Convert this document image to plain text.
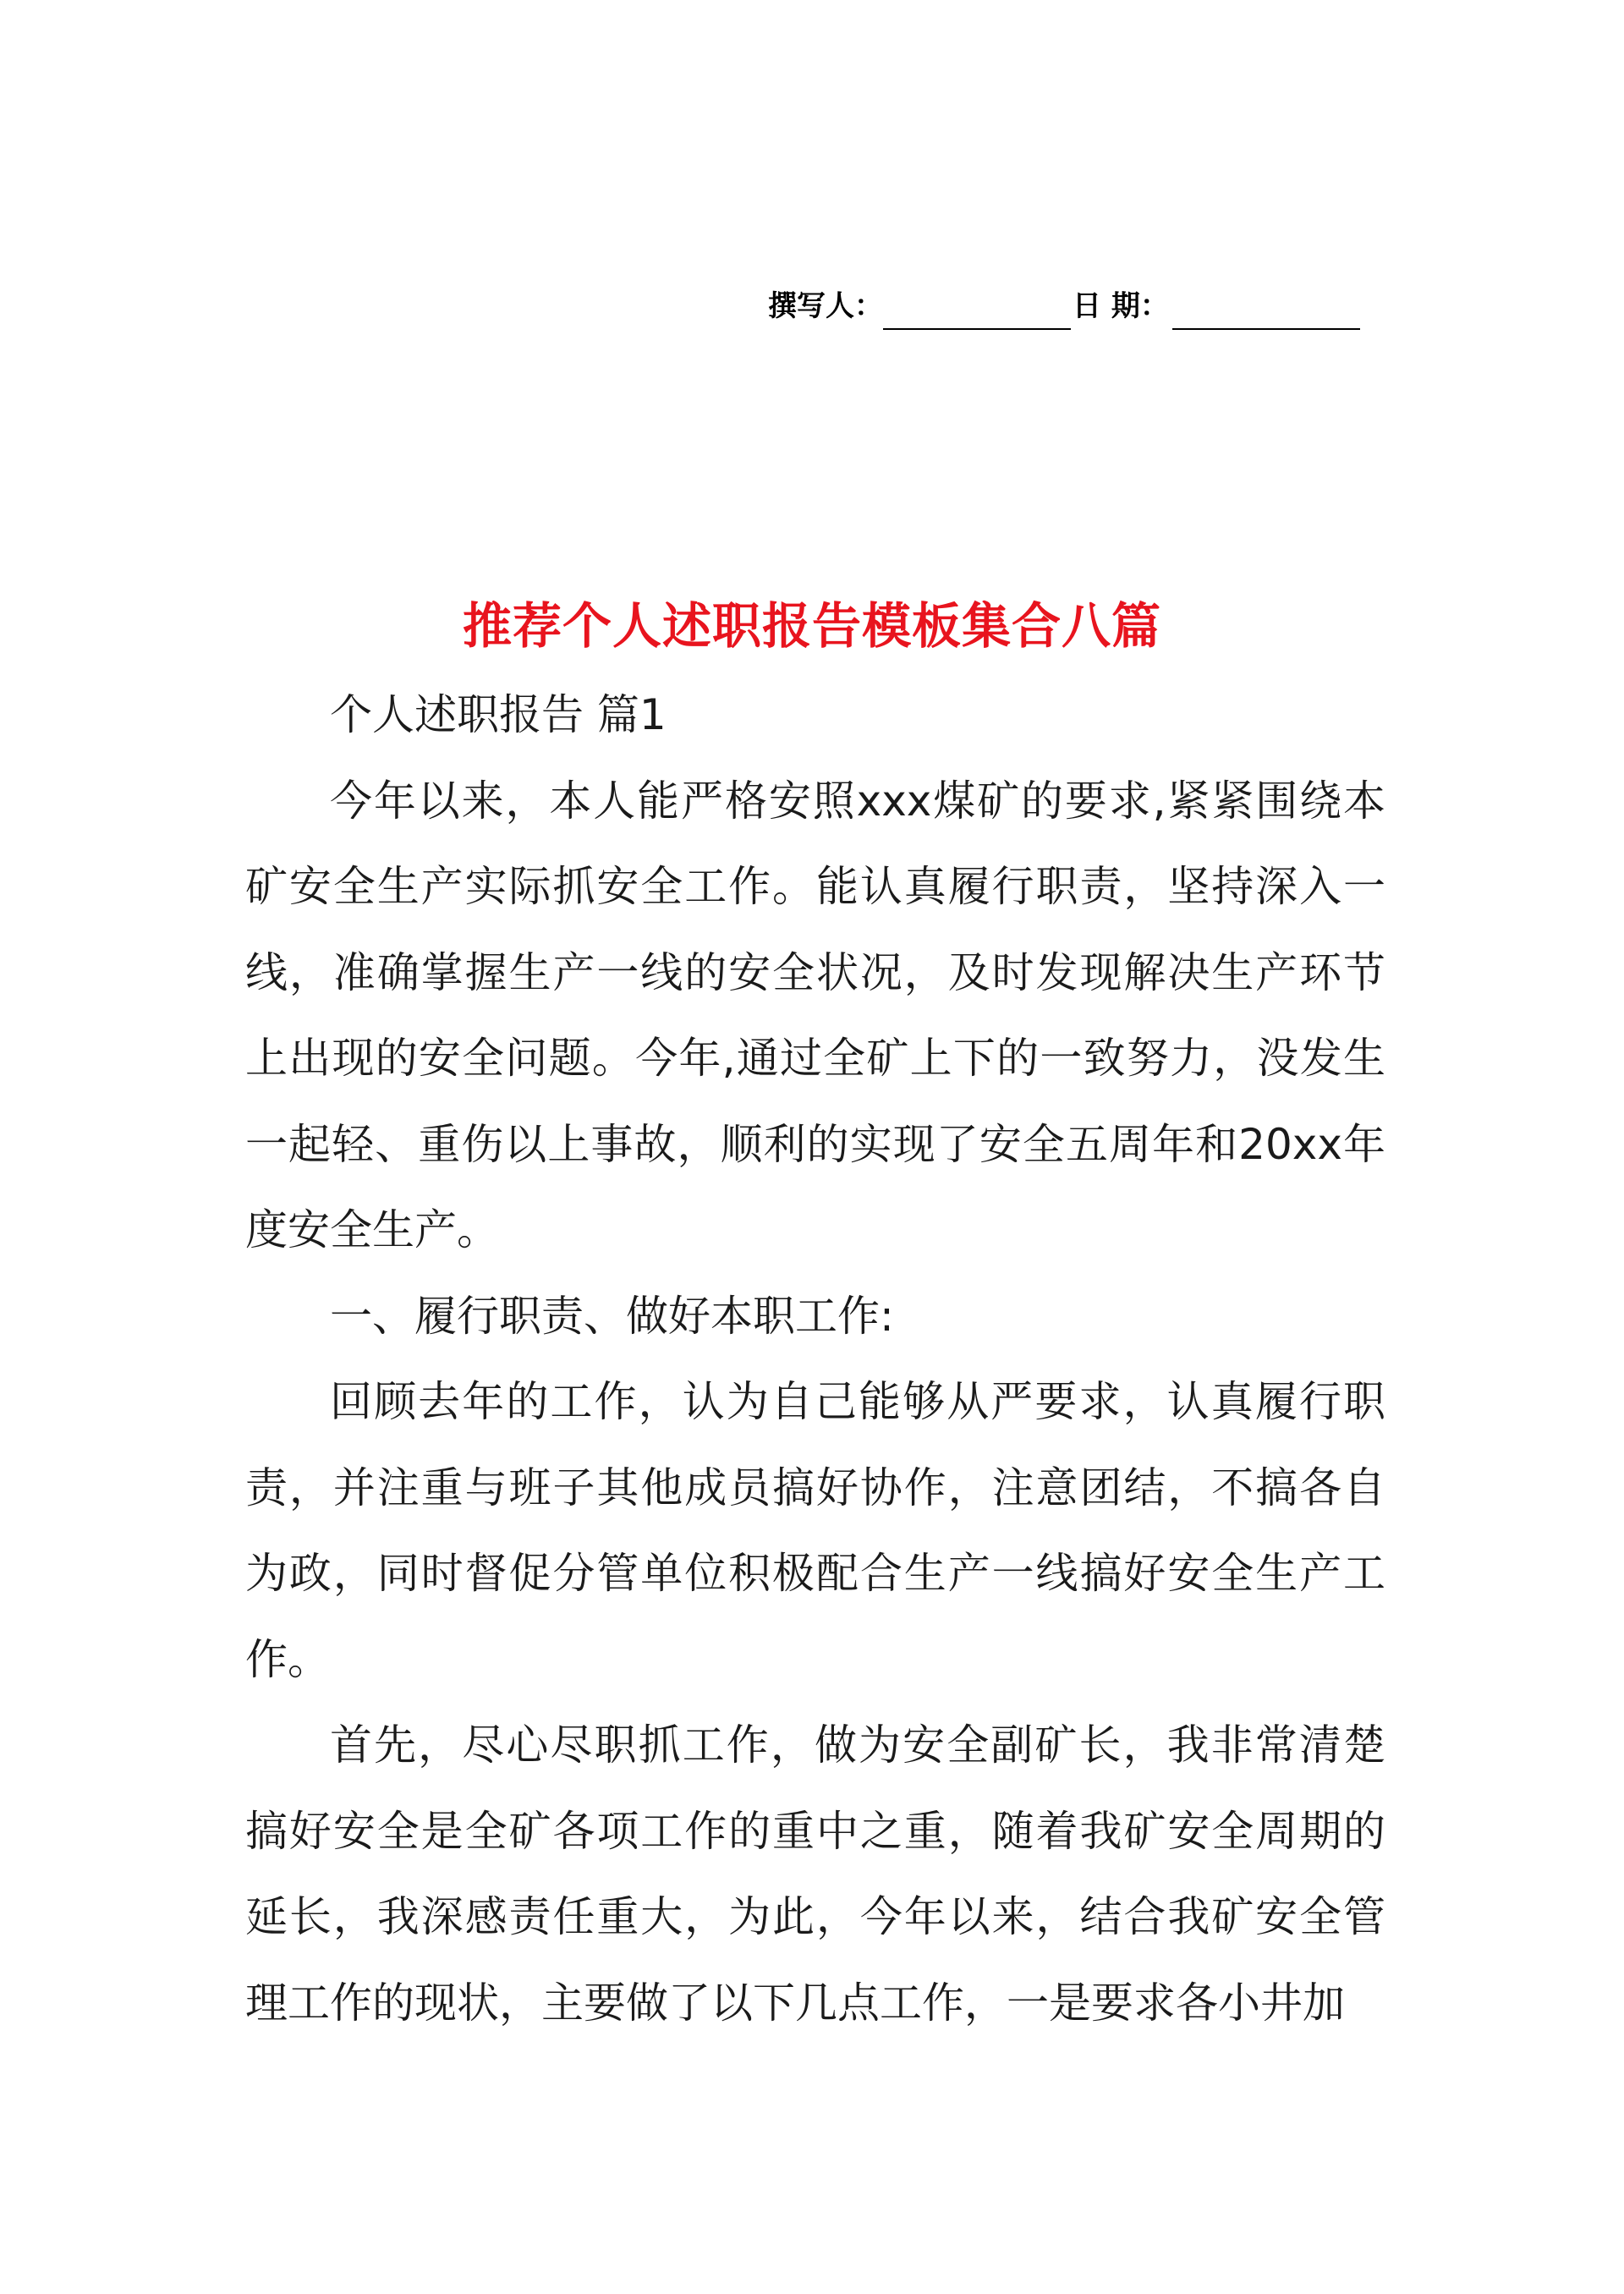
撰写人：	日 期：
推荐个人述职报告模板集合八篇

个人述职报告 篇1

今年以来，本人能严格安照xxx煤矿的要求,紧紧围绕本矿安全生产实际抓安全工作。能认真履行职责，坚持深入一线，准确掌握生产一线的安全状况，及时发现解决生产环节上出现的安全问题。今年,通过全矿上下的一致努力，没发生一起轻、重伤以上事故，顺利的实现了安全五周年和20xx年度安全生产。

一、履行职责、做好本职工作:

回顾去年的工作，认为自己能够从严要求，认真履行职责，并注重与班子其他成员搞好协作，注意团结，不搞各自为政，同时督促分管单位积极配合生产一线搞好安全生产工作。

首先，尽心尽职抓工作，做为安全副矿长，我非常清楚搞好安全是全矿各项工作的重中之重，随着我矿安全周期的延长，我深感责任重大，为此，今年以来，结合我矿安全管理工作的现状，主要做了以下几点工作，一是要求各小井加
